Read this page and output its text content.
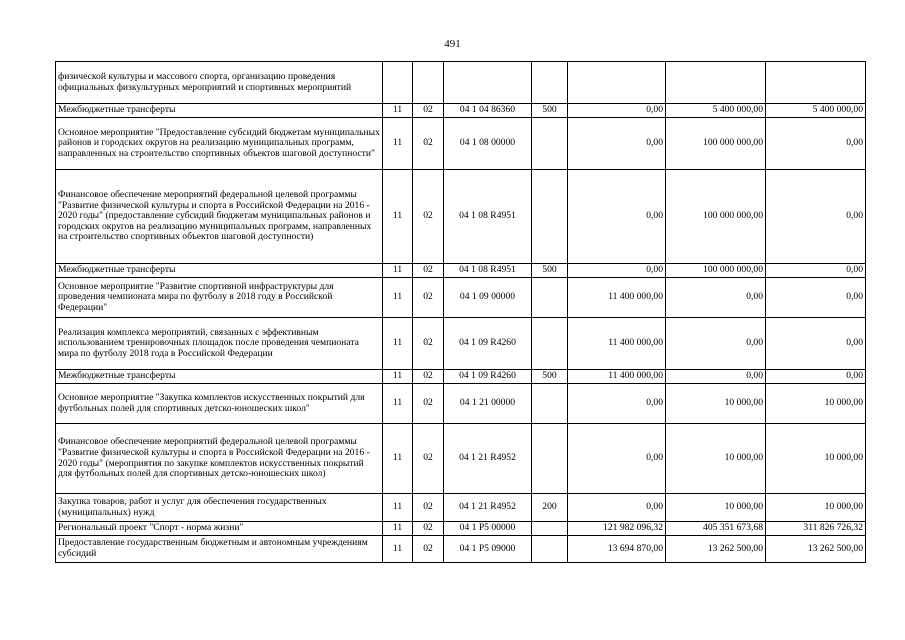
491
физической культуры и массового спорта, организацию проведения официальных физкультурных мероприятий и спортивных мероприятий							
Межбюджетные трансферты	11	02	04 1 04 86360	500	0,00	5 400 000,00	5 400 000,00
Основное мероприятие "Предоставление субсидий бюджетам муниципальных районов и городских округов на реализацию муниципальных программ, направленных на строительство спортивных объектов шаговой доступности"	11	02	04 1 08 00000		0,00	100 000 000,00	0,00
Финансовое обеспечение мероприятий федеральной целевой программы "Развитие физической культуры и спорта в Российской Федерации на 2016 - 2020 годы" (предоставление субсидий бюджетам муниципальных районов и городских округов на реализацию муниципальных программ, направленных на строительство спортивных объектов шаговой доступности)	11	02	04 1 08 R4951		0,00	100 000 000,00	0,00
Межбюджетные трансферты	11	02	04 1 08 R4951	500	0,00	100 000 000,00	0,00
Основное мероприятие "Развитие спортивной инфраструктуры для проведения чемпионата мира по футболу в 2018 году в Российской Федерации"	11	02	04 1 09 00000		11 400 000,00	0,00	0,00
Реализация комплекса мероприятий, связанных с эффективным использованием тренировочных площадок после проведения чемпионата мира по футболу 2018 года в Российской Федерации	11	02	04 1 09 R4260		11 400 000,00	0,00	0,00
Межбюджетные трансферты	11	02	04 1 09 R4260	500	11 400 000,00	0,00	0,00
Основное мероприятие "Закупка комплектов искусственных покрытий для футбольных полей для спортивных детско-юношеских школ"	11	02	04 1 21 00000		0,00	10 000,00	10 000,00
Финансовое обеспечение мероприятий федеральной целевой программы "Развитие физической культуры и спорта в Российской Федерации на 2016 - 2020 годы" (мероприятия по закупке комплектов искусственных покрытий для футбольных полей для спортивных детско-юношеских школ)	11	02	04 1 21 R4952		0,00	10 000,00	10 000,00
Закупка товаров, работ и услуг для обеспечения государственных (муниципальных) нужд	11	02	04 1 21 R4952	200	0,00	10 000,00	10 000,00
Региональный проект "Спорт - норма жизни"	11	02	04 1 P5 00000		121 982 096,32	405 351 673,68	311 826 726,32
Предоставление государственным бюджетным и автономным учреждениям субсидий	11	02	04 1 P5 09000		13 694 870,00	13 262 500,00	13 262 500,00
